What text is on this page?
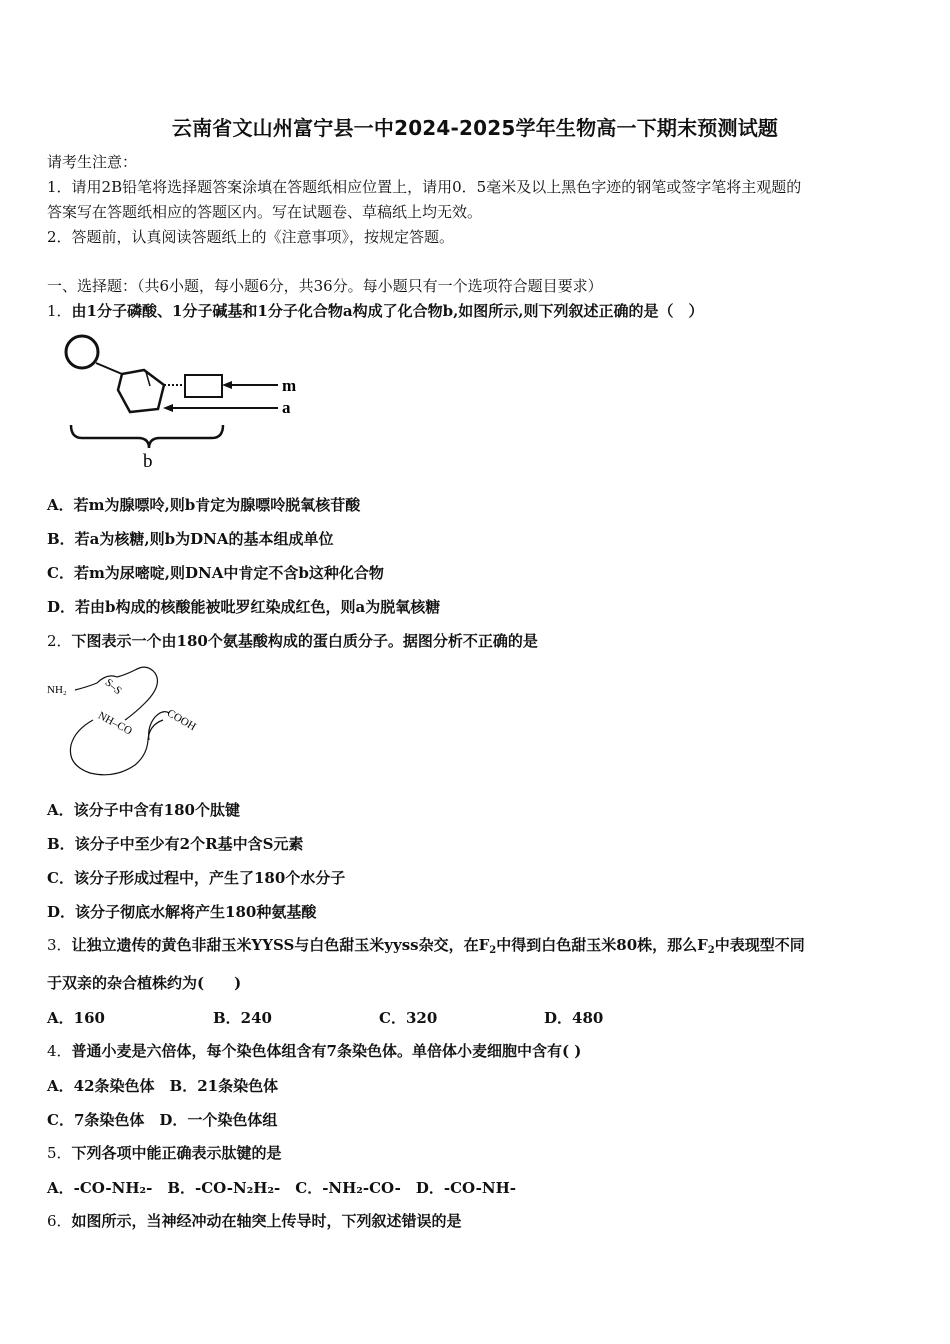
云南省文山州富宁县一中2024-2025学年生物高一下期末预测试题
请考生注意：
1．请用2B铅笔将选择题答案涂填在答题纸相应位置上，请用0．5毫米及以上黑色字迹的钢笔或签字笔将主观题的
答案写在答题纸相应的答题区内。写在试题卷、草稿纸上均无效。
2．答题前，认真阅读答题纸上的《注意事项》，按规定答题。
一、选择题：（共6小题，每小题6分，共36分。每小题只有一个选项符合题目要求）
1．由1分子磷酸、1分子碱基和1分子化合物a构成了化合物b,如图所示,则下列叙述正确的是（　）
m
a
b
A．若m为腺嘌呤,则b肯定为腺嘌呤脱氧核苷酸
B．若a为核糖,则b为DNA的基本组成单位
C．若m为尿嘧啶,则DNA中肯定不含b这种化合物
D．若由b构成的核酸能被吡罗红染成红色，则a为脱氧核糖
2．下图表示一个由180个氨基酸构成的蛋白质分子。据图分析不正确的是
NH₂	S–S
NH–CO	COOH
A．该分子中含有180个肽键
B．该分子中至少有2个R基中含S元素
C．该分子形成过程中，产生了180个水分子
D．该分子彻底水解将产生180种氨基酸
3．让独立遗传的黄色非甜玉米YYSS与白色甜玉米yyss杂交，在$F_2$中得到白色甜玉米80株，那么$F_2$中表现型不同
于双亲的杂合植株约为(　　)
A．160	B．240	C．320	D．480
4．普通小麦是六倍体，每个染色体组含有7条染色体。单倍体小麦细胞中含有( )
A．42条染色体　B．21条染色体
C．7条染色体　D．一个染色体组
5．下列各项中能正确表示肽键的是
A．-CO-NH₂-　B．-CO-N₂H₂-　C．-NH₂-CO-　D．-CO-NH-
6．如图所示，当神经冲动在轴突上传导时，下列叙述错误的是
